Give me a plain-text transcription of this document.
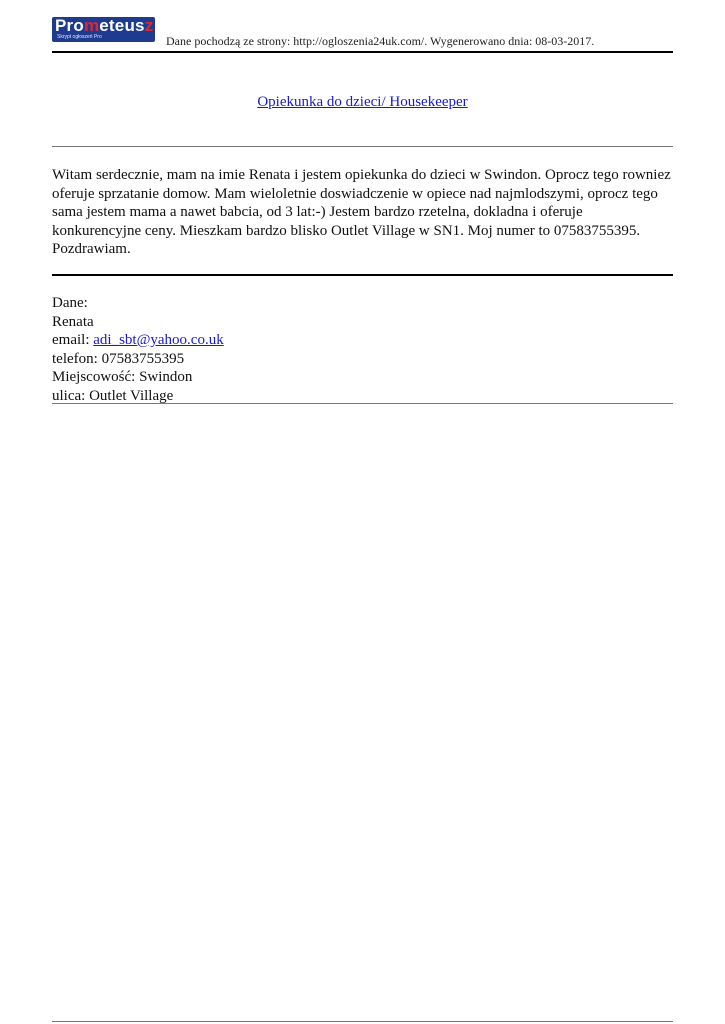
Prometeusz
Skrypt ogłoszeń Pro	Dane pochodzą ze strony: http://ogloszenia24uk.com/. Wygenerowano dnia: 08-03-2017.
Opiekunka do dzieci/ Housekeeper
Witam serdecznie, mam na imie Renata i jestem opiekunka do dzieci w Swindon. Oprocz tego rowniez oferuje sprzatanie domow. Mam wieloletnie doswiadczenie w opiece nad najmlodszymi, oprocz tego sama jestem mama a nawet babcia, od 3 lat:-) Jestem bardzo rzetelna, dokladna i oferuje konkurencyjne ceny. Mieszkam bardzo blisko Outlet Village w SN1. Moj numer to 07583755395. Pozdrawiam.
Dane:
Renata
email: adi_sbt@yahoo.co.uk
telefon: 07583755395
Miejscowość: Swindon
ulica: Outlet Village
